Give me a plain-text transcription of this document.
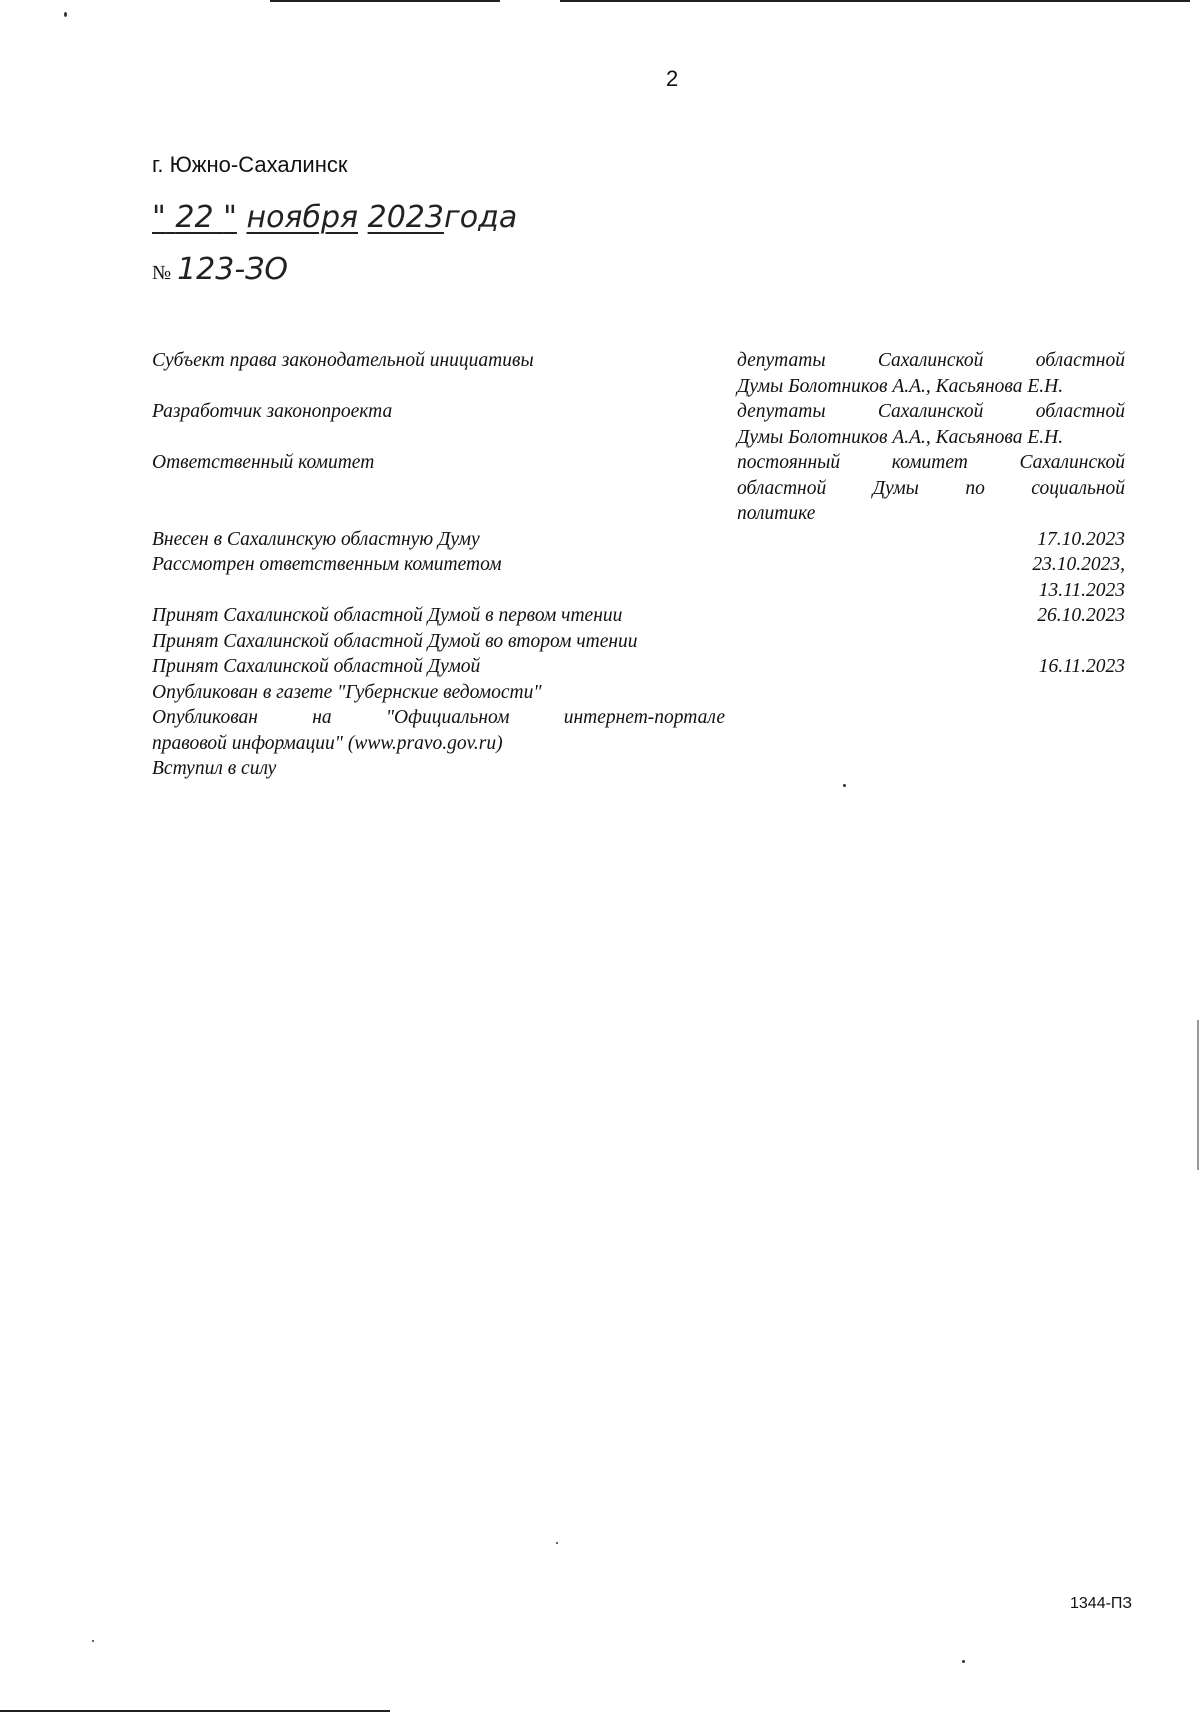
2
г. Южно-Сахалинск
" 22 " ноября 2023года
№ 123-ЗО
Субъект права законодательной инициативы	депутаты Сахалинской областной
Думы Болотников А.А., Касьянова Е.Н.
Разработчик законопроекта	депутаты Сахалинской областной
Думы Болотников А.А., Касьянова Е.Н.
Ответственный комитет	постоянный комитет Сахалинской
областной Думы по социальной
политике
Внесен в Сахалинскую областную Думу	17.10.2023
Рассмотрен ответственным комитетом	23.10.2023,
13.11.2023
Принят Сахалинской областной Думой в первом чтении	26.10.2023
Принят Сахалинской областной Думой во втором чтении
Принят Сахалинской областной Думой	16.11.2023
Опубликован в газете "Губернские ведомости"
Опубликован на "Официальном интернет-портале
правовой информации" (www.pravo.gov.ru)
Вступил в силу
1344-ПЗ
